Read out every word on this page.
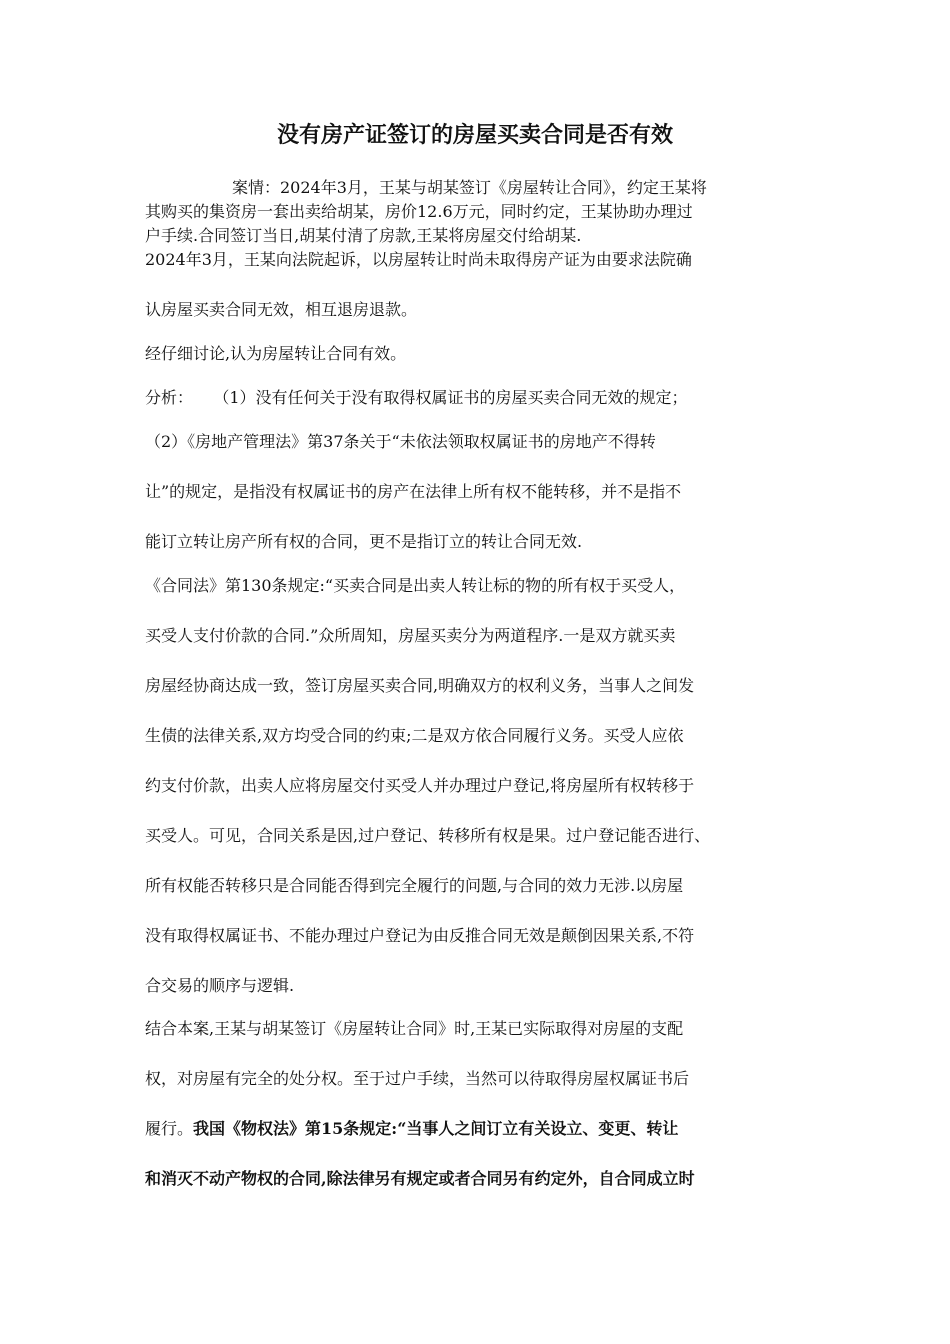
没有房产证签订的房屋买卖合同是否有效

案情：2024年3月，王某与胡某签订《房屋转让合同》，约定王某将

其购买的集资房一套出卖给胡某，房价12.6万元，同时约定，王某协助办理过

户手续.合同签订当日,胡某付清了房款,王某将房屋交付给胡某.

2024年3月，王某向法院起诉，以房屋转让时尚未取得房产证为由要求法院确

认房屋买卖合同无效，相互退房退款。

经仔细讨论,认为房屋转让合同有效。

分析：    （1）没有任何关于没有取得权属证书的房屋买卖合同无效的规定；

（2）《房地产管理法》第37条关于“未依法领取权属证书的房地产不得转

让”的规定，是指没有权属证书的房产在法律上所有权不能转移，并不是指不

能订立转让房产所有权的合同，更不是指订立的转让合同无效.

《合同法》第130条规定:“买卖合同是出卖人转让标的物的所有权于买受人，

买受人支付价款的合同.”众所周知，房屋买卖分为两道程序.一是双方就买卖

房屋经协商达成一致，签订房屋买卖合同,明确双方的权利义务，当事人之间发

生债的法律关系,双方均受合同的约束;二是双方依合同履行义务。买受人应依

约支付价款，出卖人应将房屋交付买受人并办理过户登记,将房屋所有权转移于

买受人。可见，合同关系是因,过户登记、转移所有权是果。过户登记能否进行、

所有权能否转移只是合同能否得到完全履行的问题,与合同的效力无涉.以房屋

没有取得权属证书、不能办理过户登记为由反推合同无效是颠倒因果关系,不符

合交易的顺序与逻辑.

结合本案,王某与胡某签订《房屋转让合同》时,王某已实际取得对房屋的支配

权，对房屋有完全的处分权。至于过户手续，当然可以待取得房屋权属证书后

履行。我国《物权法》第15条规定:“当事人之间订立有关设立、变更、转让

和消灭不动产物权的合同,除法律另有规定或者合同另有约定外，自合同成立时
